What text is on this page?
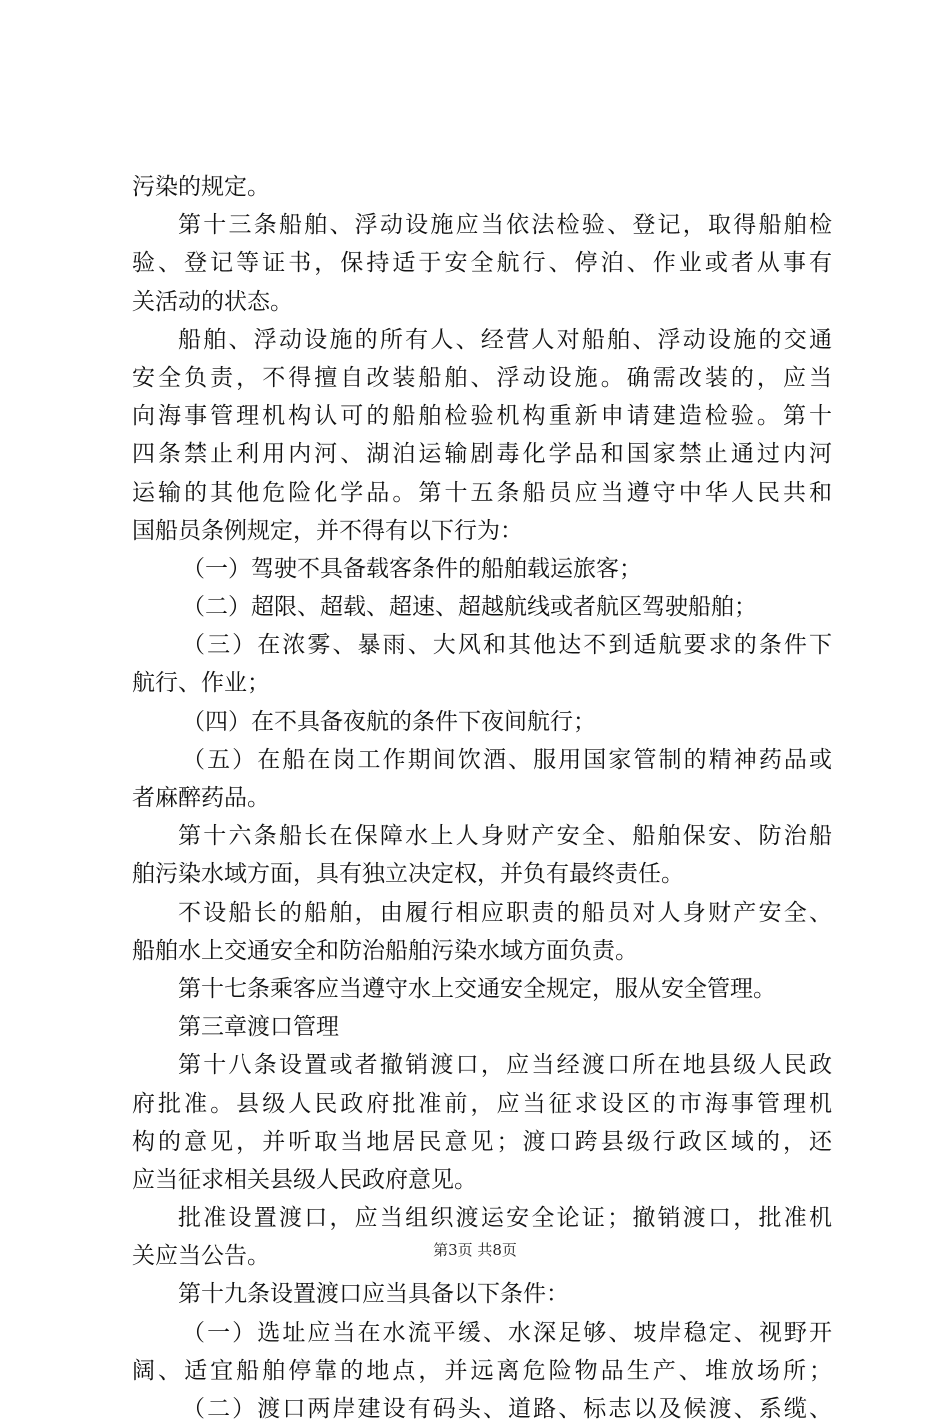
污染的规定。
第十三条船舶、浮动设施应当依法检验、登记，取得船舶检
验、登记等证书，保持适于安全航行、停泊、作业或者从事有
关活动的状态。
船舶、浮动设施的所有人、经营人对船舶、浮动设施的交通
安全负责，不得擅自改装船舶、浮动设施。确需改装的，应当
向海事管理机构认可的船舶检验机构重新申请建造检验。第十
四条禁止利用内河、湖泊运输剧毒化学品和国家禁止通过内河
运输的其他危险化学品。第十五条船员应当遵守中华人民共和
国船员条例规定，并不得有以下行为：
（一）驾驶不具备载客条件的船舶载运旅客；
（二）超限、超载、超速、超越航线或者航区驾驶船舶；
（三）在浓雾、暴雨、大风和其他达不到适航要求的条件下
航行、作业；
（四）在不具备夜航的条件下夜间航行；
（五）在船在岗工作期间饮酒、服用国家管制的精神药品或
者麻醉药品。
第十六条船长在保障水上人身财产安全、船舶保安、防治船
舶污染水域方面，具有独立决定权，并负有最终责任。
不设船长的船舶，由履行相应职责的船员对人身财产安全、
船舶水上交通安全和防治船舶污染水域方面负责。
第十七条乘客应当遵守水上交通安全规定，服从安全管理。
第三章渡口管理
第十八条设置或者撤销渡口，应当经渡口所在地县级人民政
府批准。县级人民政府批准前，应当征求设区的市海事管理机
构的意见，并听取当地居民意见；渡口跨县级行政区域的，还
应当征求相关县级人民政府意见。
批准设置渡口，应当组织渡运安全论证；撤销渡口，批准机
关应当公告。
第十九条设置渡口应当具备以下条件：
（一）选址应当在水流平缓、水深足够、坡岸稳定、视野开
阔、适宜船舶停靠的地点，并远离危险物品生产、堆放场所；
（二）渡口两岸建设有码头、道路、标志以及候渡、系缆、
第3页 共8页
